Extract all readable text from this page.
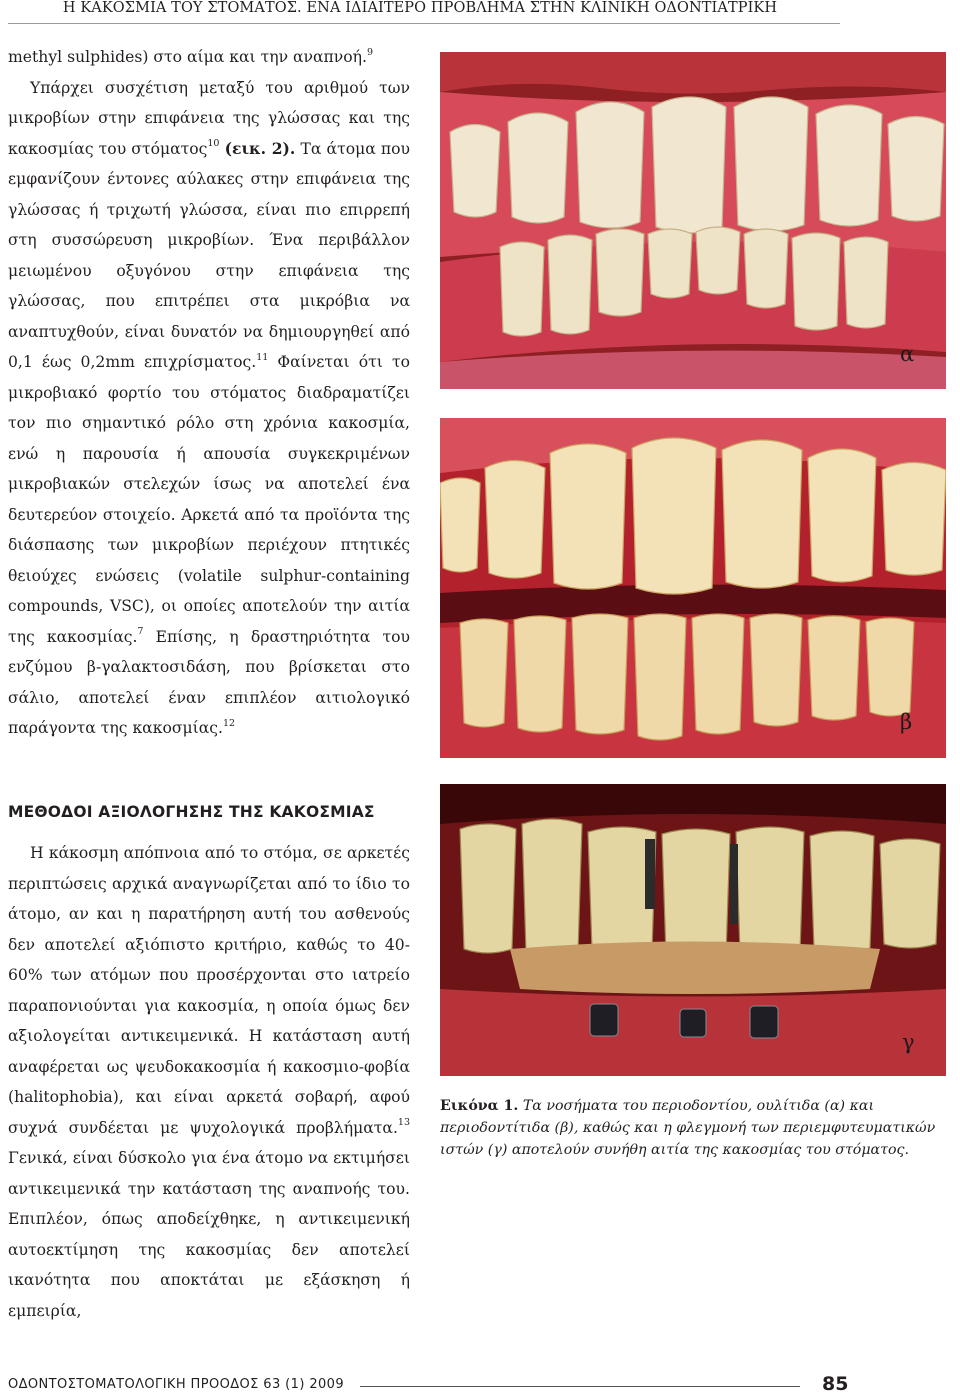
Η ΚΑΚΟΣΜΙΑ ΤΟΥ ΣΤΟΜΑΤΟΣ. ΕΝΑ ΙΔΙΑΙΤΕΡΟ ΠΡΟΒΛΗΜΑ ΣΤΗΝ ΚΛΙΝΙΚΗ ΟΔΟΝΤΙΑΤΡΙΚΗ

methyl sulphides) στο αίμα και την αναπνοή.$^9$
Υπάρχει συσχέτιση μεταξύ του αριθμού των μικροβίων στην επιφάνεια της γλώσσας και της κακοσμίας του στόματος$^{10}$ (εικ. 2). Τα άτομα που εμφανίζουν έντονες αύλακες στην επιφάνεια της γλώσσας ή τριχωτή γλώσσα, είναι πιο επιρρεπή στη συσσώρευση μικροβίων. Ένα περιβάλλον μειωμένου οξυγόνου στην επιφάνεια της γλώσσας, που επιτρέπει στα μικρόβια να αναπτυχθούν, είναι δυνατόν να δημιουργηθεί από 0,1 έως 0,2mm επιχρίσματος.$^{11}$ Φαίνεται ότι το μικροβιακό φορτίο του στόματος διαδραματίζει τον πιο σημαντικό ρόλο στη χρόνια κακοσμία, ενώ η παρουσία ή απουσία συγκεκριμένων μικροβιακών στελεχών ίσως να αποτελεί ένα δευτερεύον στοιχείο. Αρκετά από τα προϊόντα της διάσπασης των μικροβίων περιέχουν πτητικές θειούχες ενώσεις (volatile sulphur-containing compounds, VSC), οι οποίες αποτελούν την αιτία της κακοσμίας.$^7$ Επίσης, η δραστηριότητα του ενζύμου β-γαλακτοσιδάση, που βρίσκεται στο σάλιο, αποτελεί έναν επιπλέον αιτιολογικό παράγοντα της κακοσμίας.$^{12}$

ΜΕΘΟΔΟΙ ΑΞΙΟΛΟΓΗΣΗΣ ΤΗΣ ΚΑΚΟΣΜΙΑΣ

Η κάκοσμη απόπνοια από το στόμα, σε αρκετές περιπτώσεις αρχικά αναγνωρίζεται από το ίδιο το άτομο, αν και η παρατήρηση αυτή του ασθενούς δεν αποτελεί αξιόπιστο κριτήριο, καθώς το 40-60% των ατόμων που προσέρχονται στο ιατρείο παραπονιούνται για κακοσμία, η οποία όμως δεν αξιολογείται αντικειμενικά. Η κατάσταση αυτή αναφέρεται ως ψευδοκακοσμία ή κακοσμιο-φοβία (halitophobia), και είναι αρκετά σοβαρή, αφού συχνά συνδέεται με ψυχολογικά προβλήματα.$^{13}$ Γενικά, είναι δύσκολο για ένα άτομο να εκτιμήσει αντικειμενικά την κατάσταση της αναπνοής του. Επιπλέον, όπως αποδείχθηκε, η αντικειμενική αυτοεκτίμηση της κακοσμίας δεν αποτελεί ικανότητα που αποκτάται με εξάσκηση ή εμπειρία,

α
β
γ
Εικόνα 1. Τα νοσήματα του περιοδοντίου, ουλίτιδα (α) και περιοδοντίτιδα (β), καθώς και η φλεγμονή των περιεμφυτευματικών ιστών (γ) αποτελούν συνήθη αιτία της κακοσμίας του στόματος.
ΟΔΟΝΤΟΣΤΟΜΑΤΟΛΟΓΙΚΗ ΠΡΟΟΔΟΣ 63 (1) 2009	85
